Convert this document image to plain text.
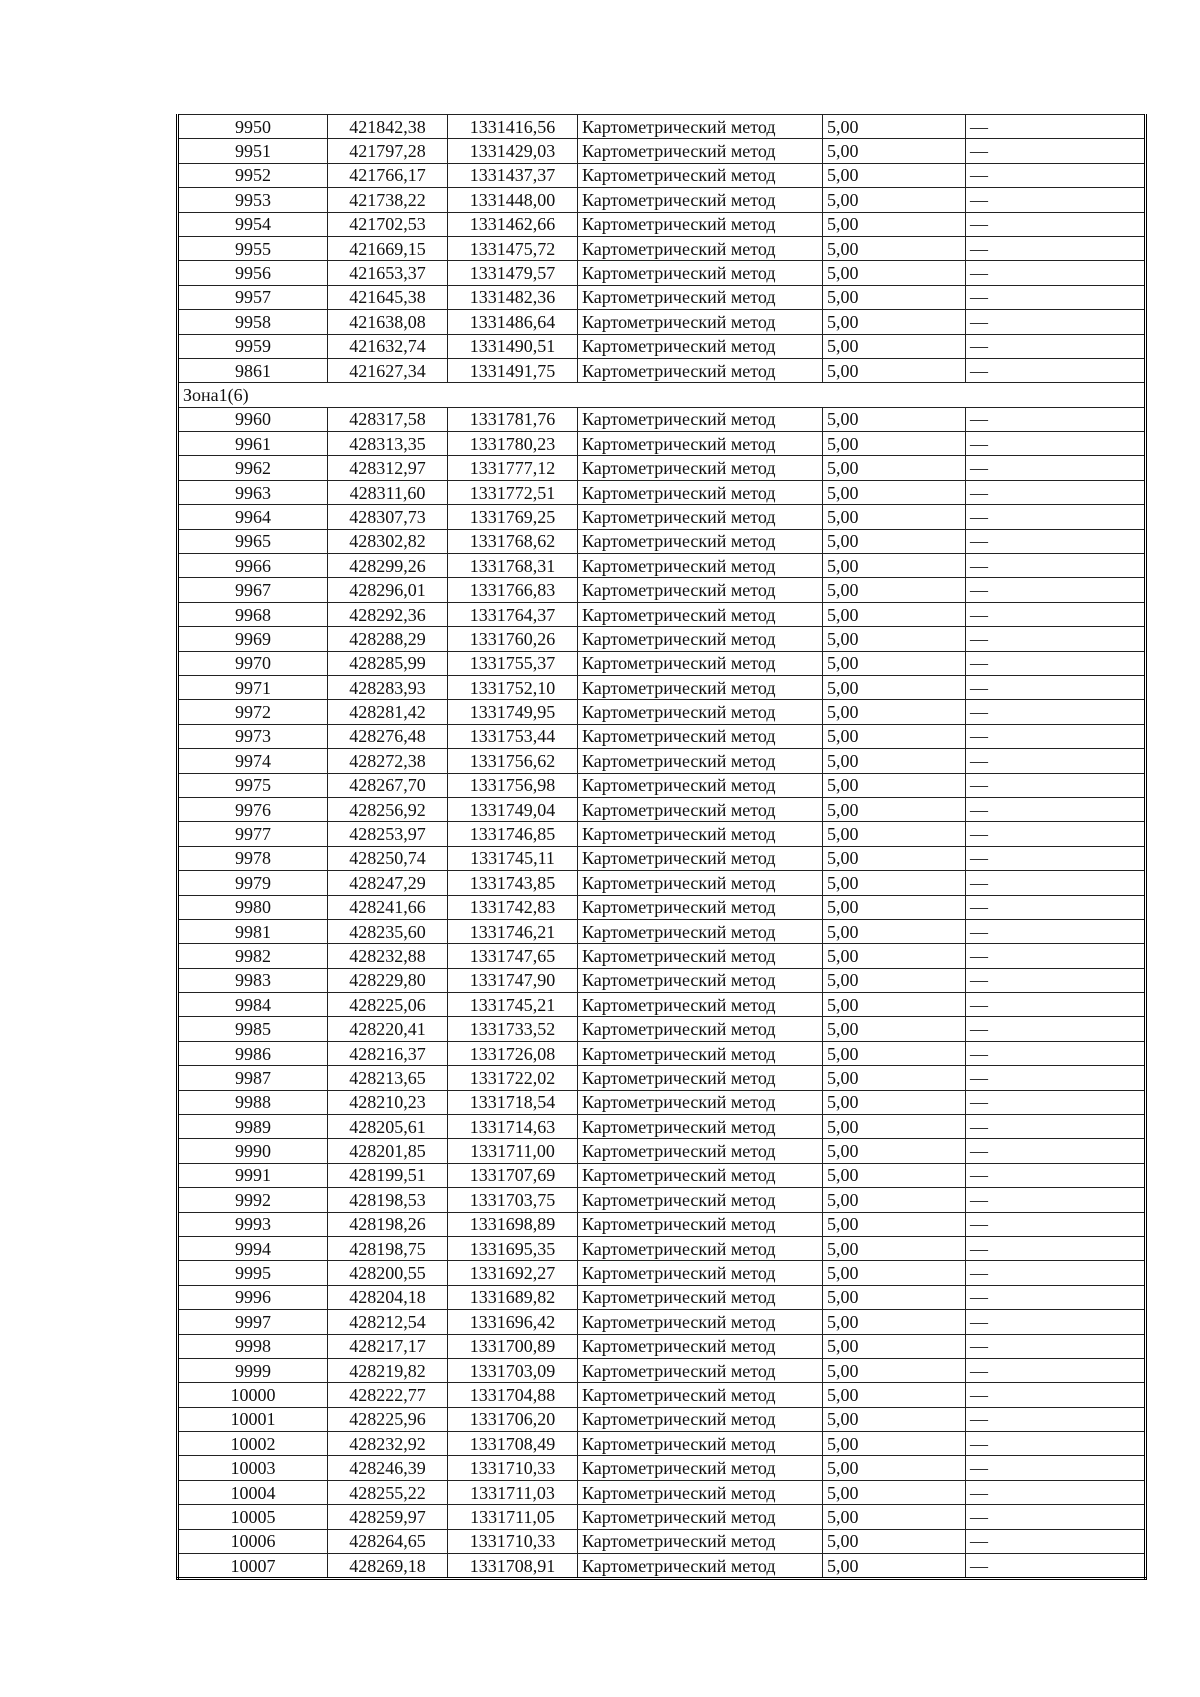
9950	421842,38	1331416,56	Картометрический метод	5,00	—
9951	421797,28	1331429,03	Картометрический метод	5,00	—
9952	421766,17	1331437,37	Картометрический метод	5,00	—
9953	421738,22	1331448,00	Картометрический метод	5,00	—
9954	421702,53	1331462,66	Картометрический метод	5,00	—
9955	421669,15	1331475,72	Картометрический метод	5,00	—
9956	421653,37	1331479,57	Картометрический метод	5,00	—
9957	421645,38	1331482,36	Картометрический метод	5,00	—
9958	421638,08	1331486,64	Картометрический метод	5,00	—
9959	421632,74	1331490,51	Картометрический метод	5,00	—
9861	421627,34	1331491,75	Картометрический метод	5,00	—
Зона1(6)					
9960	428317,58	1331781,76	Картометрический метод	5,00	—
9961	428313,35	1331780,23	Картометрический метод	5,00	—
9962	428312,97	1331777,12	Картометрический метод	5,00	—
9963	428311,60	1331772,51	Картометрический метод	5,00	—
9964	428307,73	1331769,25	Картометрический метод	5,00	—
9965	428302,82	1331768,62	Картометрический метод	5,00	—
9966	428299,26	1331768,31	Картометрический метод	5,00	—
9967	428296,01	1331766,83	Картометрический метод	5,00	—
9968	428292,36	1331764,37	Картометрический метод	5,00	—
9969	428288,29	1331760,26	Картометрический метод	5,00	—
9970	428285,99	1331755,37	Картометрический метод	5,00	—
9971	428283,93	1331752,10	Картометрический метод	5,00	—
9972	428281,42	1331749,95	Картометрический метод	5,00	—
9973	428276,48	1331753,44	Картометрический метод	5,00	—
9974	428272,38	1331756,62	Картометрический метод	5,00	—
9975	428267,70	1331756,98	Картометрический метод	5,00	—
9976	428256,92	1331749,04	Картометрический метод	5,00	—
9977	428253,97	1331746,85	Картометрический метод	5,00	—
9978	428250,74	1331745,11	Картометрический метод	5,00	—
9979	428247,29	1331743,85	Картометрический метод	5,00	—
9980	428241,66	1331742,83	Картометрический метод	5,00	—
9981	428235,60	1331746,21	Картометрический метод	5,00	—
9982	428232,88	1331747,65	Картометрический метод	5,00	—
9983	428229,80	1331747,90	Картометрический метод	5,00	—
9984	428225,06	1331745,21	Картометрический метод	5,00	—
9985	428220,41	1331733,52	Картометрический метод	5,00	—
9986	428216,37	1331726,08	Картометрический метод	5,00	—
9987	428213,65	1331722,02	Картометрический метод	5,00	—
9988	428210,23	1331718,54	Картометрический метод	5,00	—
9989	428205,61	1331714,63	Картометрический метод	5,00	—
9990	428201,85	1331711,00	Картометрический метод	5,00	—
9991	428199,51	1331707,69	Картометрический метод	5,00	—
9992	428198,53	1331703,75	Картометрический метод	5,00	—
9993	428198,26	1331698,89	Картометрический метод	5,00	—
9994	428198,75	1331695,35	Картометрический метод	5,00	—
9995	428200,55	1331692,27	Картометрический метод	5,00	—
9996	428204,18	1331689,82	Картометрический метод	5,00	—
9997	428212,54	1331696,42	Картометрический метод	5,00	—
9998	428217,17	1331700,89	Картометрический метод	5,00	—
9999	428219,82	1331703,09	Картометрический метод	5,00	—
10000	428222,77	1331704,88	Картометрический метод	5,00	—
10001	428225,96	1331706,20	Картометрический метод	5,00	—
10002	428232,92	1331708,49	Картометрический метод	5,00	—
10003	428246,39	1331710,33	Картометрический метод	5,00	—
10004	428255,22	1331711,03	Картометрический метод	5,00	—
10005	428259,97	1331711,05	Картометрический метод	5,00	—
10006	428264,65	1331710,33	Картометрический метод	5,00	—
10007	428269,18	1331708,91	Картометрический метод	5,00	—
